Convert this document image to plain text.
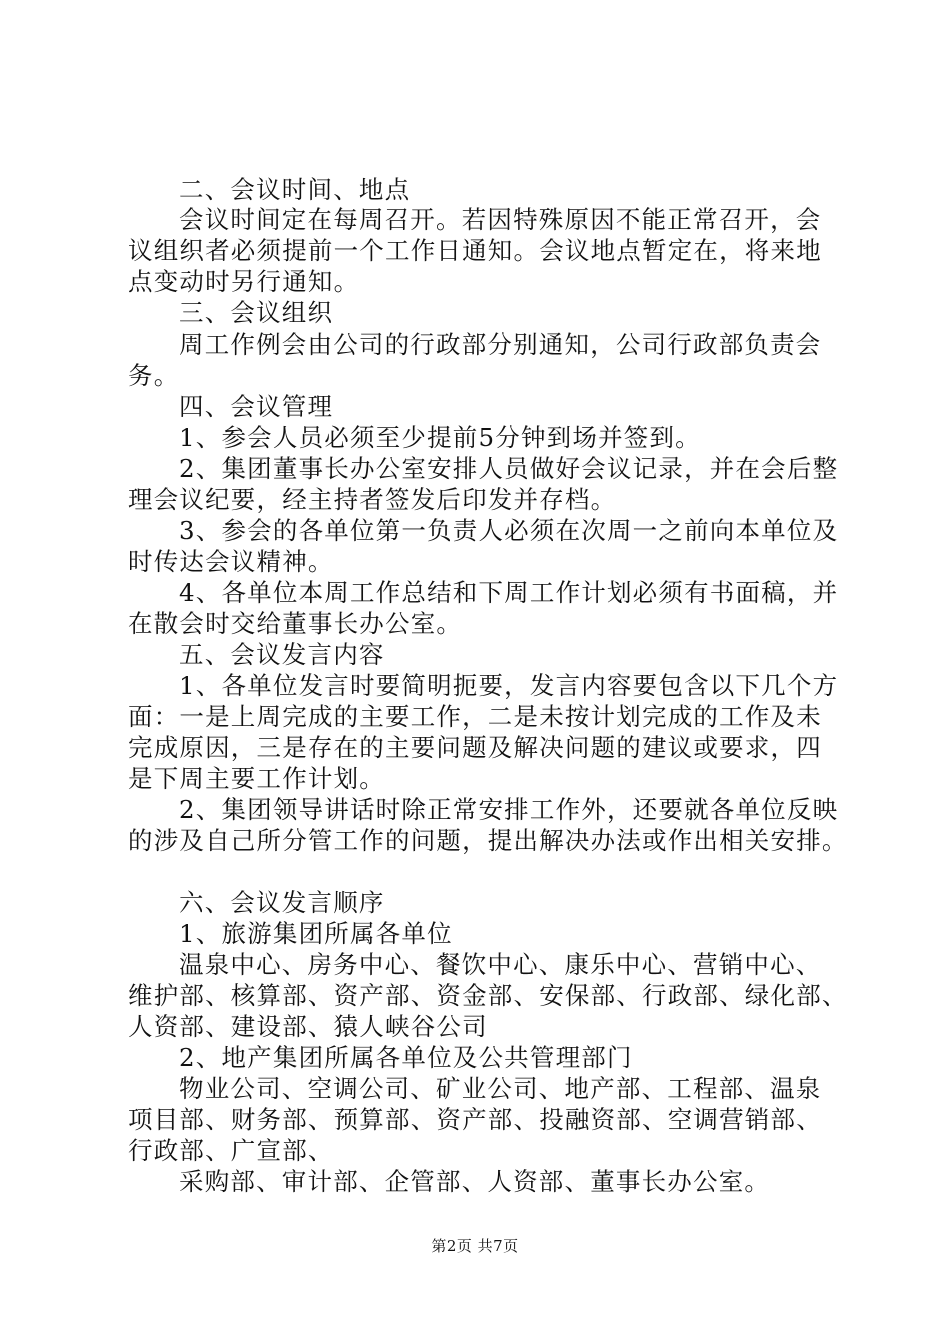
二、会议时间、地点
会议时间定在每周召开。若因特殊原因不能正常召开，会
议组织者必须提前一个工作日通知。会议地点暂定在，将来地
点变动时另行通知。
三、会议组织
周工作例会由公司的行政部分别通知，公司行政部负责会
务。
四、会议管理
1、参会人员必须至少提前5分钟到场并签到。
2、集团董事长办公室安排人员做好会议记录，并在会后整
理会议纪要，经主持者签发后印发并存档。
3、参会的各单位第一负责人必须在次周一之前向本单位及
时传达会议精神。
4、各单位本周工作总结和下周工作计划必须有书面稿，并
在散会时交给董事长办公室。
五、会议发言内容
1、各单位发言时要简明扼要，发言内容要包含以下几个方
面：一是上周完成的主要工作，二是未按计划完成的工作及未
完成原因，三是存在的主要问题及解决问题的建议或要求，四
是下周主要工作计划。
2、集团领导讲话时除正常安排工作外，还要就各单位反映
的涉及自己所分管工作的问题，提出解决办法或作出相关安排。
六、会议发言顺序
1、旅游集团所属各单位
温泉中心、房务中心、餐饮中心、康乐中心、营销中心、
维护部、核算部、资产部、资金部、安保部、行政部、绿化部、
人资部、建设部、猿人峡谷公司
2、地产集团所属各单位及公共管理部门
物业公司、空调公司、矿业公司、地产部、工程部、温泉
项目部、财务部、预算部、资产部、投融资部、空调营销部、
行政部、广宣部、
采购部、审计部、企管部、人资部、董事长办公室。
第2页 共7页
